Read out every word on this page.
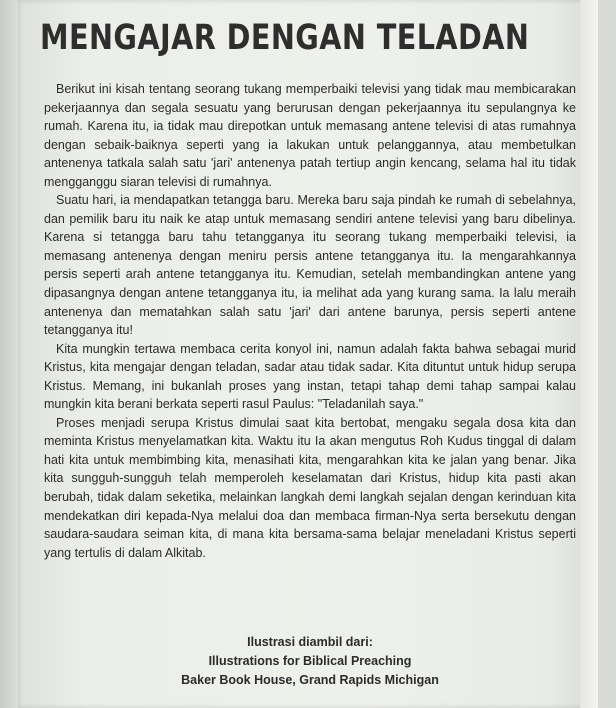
MENGAJAR DENGAN TELADAN

Berikut ini kisah tentang seorang tukang memperbaiki televisi yang tidak mau membicarakan pekerjaannya dan segala sesuatu yang berurusan dengan pekerjaannya itu sepulangnya ke rumah. Karena itu, ia tidak mau direpotkan untuk memasang antene televisi di atas rumahnya dengan sebaik-baiknya seperti yang ia lakukan untuk pelanggannya, atau membetulkan antenenya tatkala salah satu 'jari' antenenya patah tertiup angin kencang, selama hal itu tidak mengganggu siaran televisi di rumahnya.

Suatu hari, ia mendapatkan tetangga baru. Mereka baru saja pindah ke rumah di sebelahnya, dan pemilik baru itu naik ke atap untuk memasang sendiri antene televisi yang baru dibelinya. Karena si tetangga baru tahu tetangganya itu seorang tukang memperbaiki televisi, ia memasang antenenya dengan meniru persis antene tetangganya itu. Ia mengarahkannya persis seperti arah antene tetangganya itu. Kemudian, setelah membandingkan antene yang dipasangnya dengan antene tetangganya itu, ia melihat ada yang kurang sama. Ia lalu meraih antenenya dan mematahkan salah satu 'jari' dari antene barunya, persis seperti antene tetangganya itu!

Kita mungkin tertawa membaca cerita konyol ini, namun adalah fakta bahwa sebagai murid Kristus, kita mengajar dengan teladan, sadar atau tidak sadar. Kita dituntut untuk hidup serupa Kristus. Memang, ini bukanlah proses yang instan, tetapi tahap demi tahap sampai kalau mungkin kita berani berkata seperti rasul Paulus: "Teladanilah saya."

Proses menjadi serupa Kristus dimulai saat kita bertobat, mengaku segala dosa kita dan meminta Kristus menyelamatkan kita. Waktu itu Ia akan mengutus Roh Kudus tinggal di dalam hati kita untuk membimbing kita, menasihati kita, mengarahkan kita ke jalan yang benar. Jika kita sungguh-sungguh telah memperoleh keselamatan dari Kristus, hidup kita pasti akan berubah, tidak dalam seketika, melainkan langkah demi langkah sejalan dengan kerinduan kita mendekatkan diri kepada-Nya melalui doa dan membaca firman-Nya serta bersekutu dengan saudara-saudara seiman kita, di mana kita bersama-sama belajar meneladani Kristus seperti yang tertulis di dalam Alkitab.

Ilustrasi diambil dari:
Illustrations for Biblical Preaching
Baker Book House, Grand Rapids Michigan
